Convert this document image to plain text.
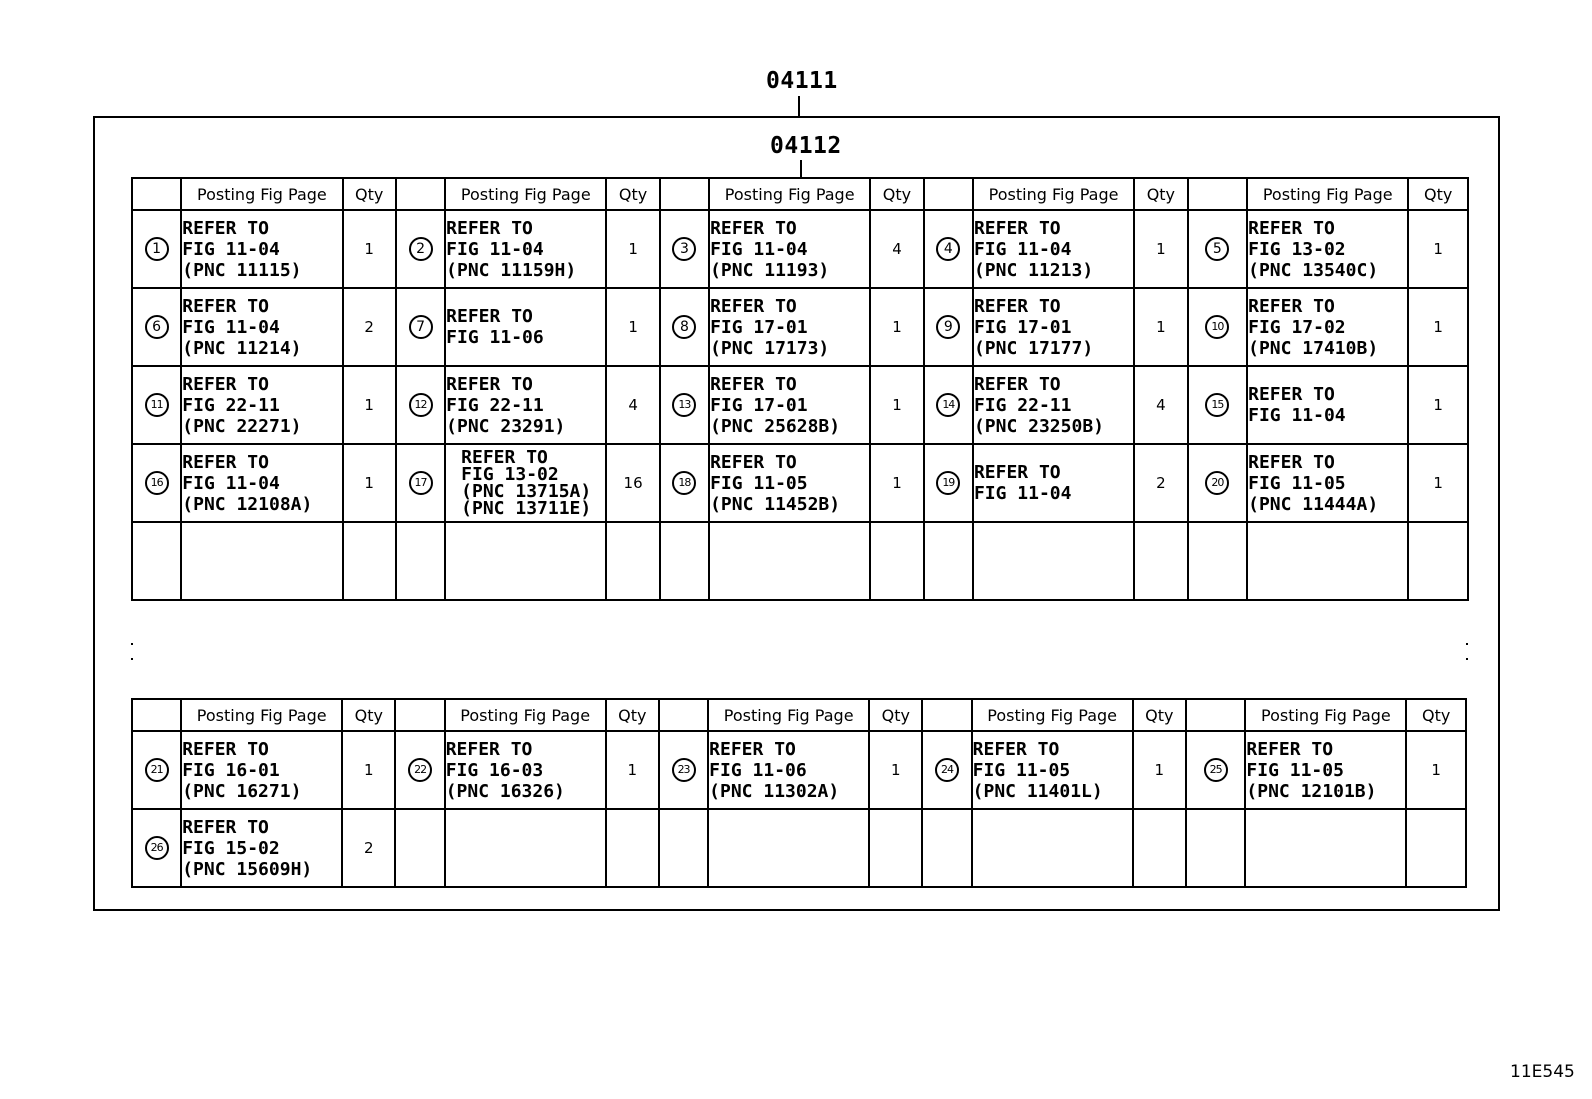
04111
04112
	Posting Fig Page	Qty		Posting Fig Page	Qty		Posting Fig Page	Qty		Posting Fig Page	Qty		Posting Fig Page	Qty
1	REFER TO
FIG 11-04
(PNC 11115)	1	2	REFER TO
FIG 11-04
(PNC 11159H)	1	3	REFER TO
FIG 11-04
(PNC 11193)	4	4	REFER TO
FIG 11-04
(PNC 11213)	1	5	REFER TO
FIG 13-02
(PNC 13540C)	1
6	REFER TO
FIG 11-04
(PNC 11214)	2	7	REFER TO
FIG 11-06	1	8	REFER TO
FIG 17-01
(PNC 17173)	1	9	REFER TO
FIG 17-01
(PNC 17177)	1	10	REFER TO
FIG 17-02
(PNC 17410B)	1
11	REFER TO
FIG 22-11
(PNC 22271)	1	12	REFER TO
FIG 22-11
(PNC 23291)	4	13	REFER TO
FIG 17-01
(PNC 25628B)	1	14	REFER TO
FIG 22-11
(PNC 23250B)	4	15	REFER TO
FIG 11-04	1
16	REFER TO
FIG 11-04
(PNC 12108A)	1	17	REFER TO
FIG 13-02
(PNC 13715A)
(PNC 13711E)	16	18	REFER TO
FIG 11-05
(PNC 11452B)	1	19	REFER TO
FIG 11-04	2	20	REFER TO
FIG 11-05
(PNC 11444A)	1

	Posting Fig Page	Qty		Posting Fig Page	Qty		Posting Fig Page	Qty		Posting Fig Page	Qty		Posting Fig Page	Qty
21	REFER TO
FIG 16-01
(PNC 16271)	1	22	REFER TO
FIG 16-03
(PNC 16326)	1	23	REFER TO
FIG 11-06
(PNC 11302A)	1	24	REFER TO
FIG 11-05
(PNC 11401L)	1	25	REFER TO
FIG 11-05
(PNC 12101B)	1
26	REFER TO
FIG 15-02
(PNC 15609H)	2												
11E545
